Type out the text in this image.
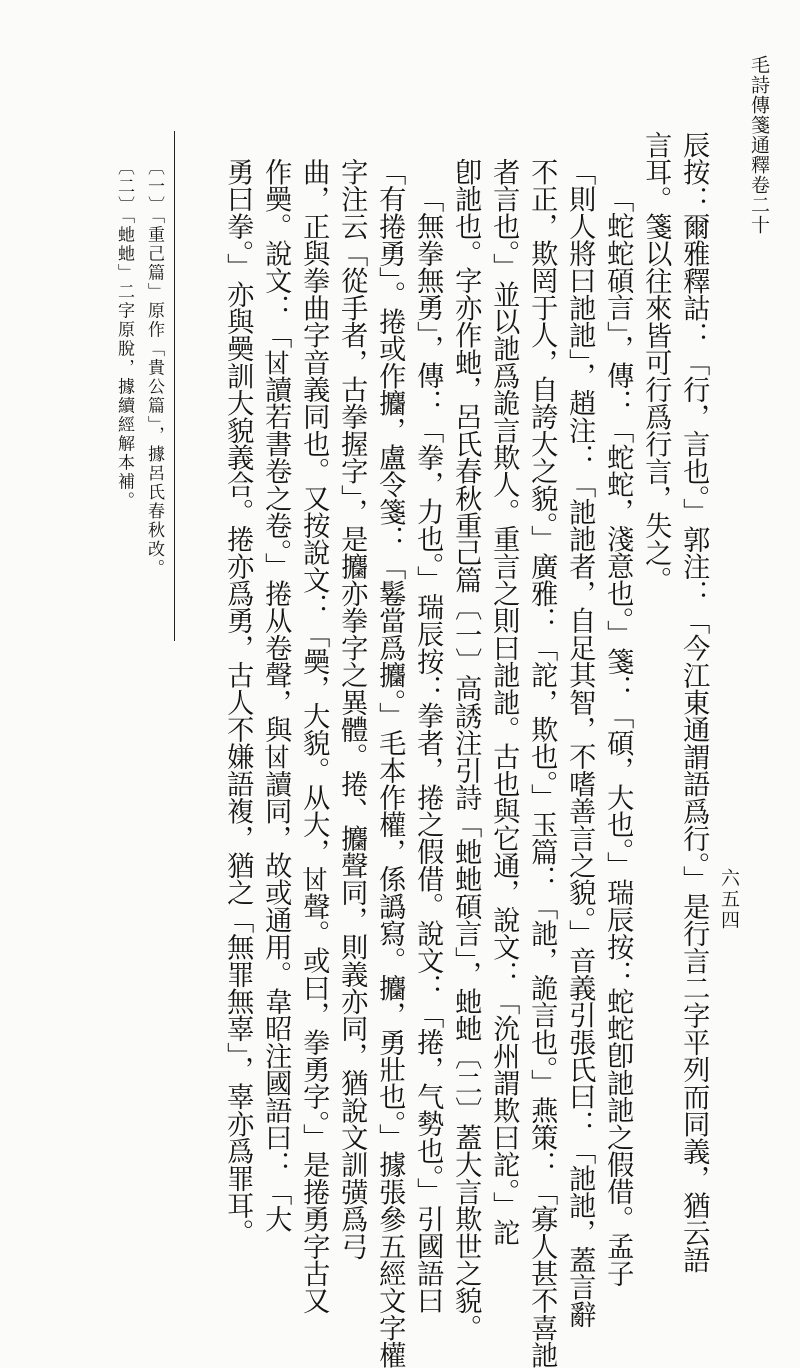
毛詩傳箋通釋卷二十
六五四
辰按：爾雅釋詁：「行，言也。」郭注：「今江東通謂語爲行。」是行言二字平列而同義，猶云語
言耳。箋以往來皆可行爲行言，失之。
「蛇蛇碩言」，傳：「蛇蛇，淺意也。」箋：「碩，大也。」瑞辰按：蛇蛇卽訑訑之假借。孟子
「則人將曰訑訑」，趙注：「訑訑者，自足其智，不嗜善言之貌。」音義引張氏曰：「訑訑，蓋言辭
不正，欺罔于人，自誇大之貌。」廣雅：「詑，欺也。」玉篇：「訑，詭言也。」燕策：「寡人甚不喜訑
者言也。」並以訑爲詭言欺人。重言之則曰訑訑。古也與它通，說文：「沇州謂欺曰詑。」詑
卽訑也。字亦作虵，呂氏春秋重己篇〔一〕高誘注引詩「虵虵碩言」，虵虵〔二〕蓋大言欺世之貌。
「無拳無勇」，傳：「拳，力也。」瑞辰按：拳者，捲之假借。說文：「捲，气勢也。」引國語曰
「有捲勇」。捲或作攟，盧令箋：「鬈當爲攟。」毛本作權，係譌寫。攟，勇壯也。」據張參五經文字權
字注云「從手者，古拳握字」，是攟亦拳字之異體。捲、攟聲同，則義亦同，猶說文訓彉爲弓
曲，正與拳曲字音義同也。又按說文：「奰，大貌。从大，𠀠聲。或曰，拳勇字。」是捲勇字古又
作奰。說文：「𠀠讀若書卷之卷。」捲从卷聲，與𠀠讀同，故或通用。韋昭注國語曰：「大
勇曰拳。」亦與奰訓大貌義合。捲亦爲勇，古人不嫌語複，猶之「無罪無辜」，辜亦爲罪耳。
〔一〕「重己篇」原作「貴公篇」，據呂氏春秋改。
〔二〕「虵虵」二字原脫，據續經解本補。
